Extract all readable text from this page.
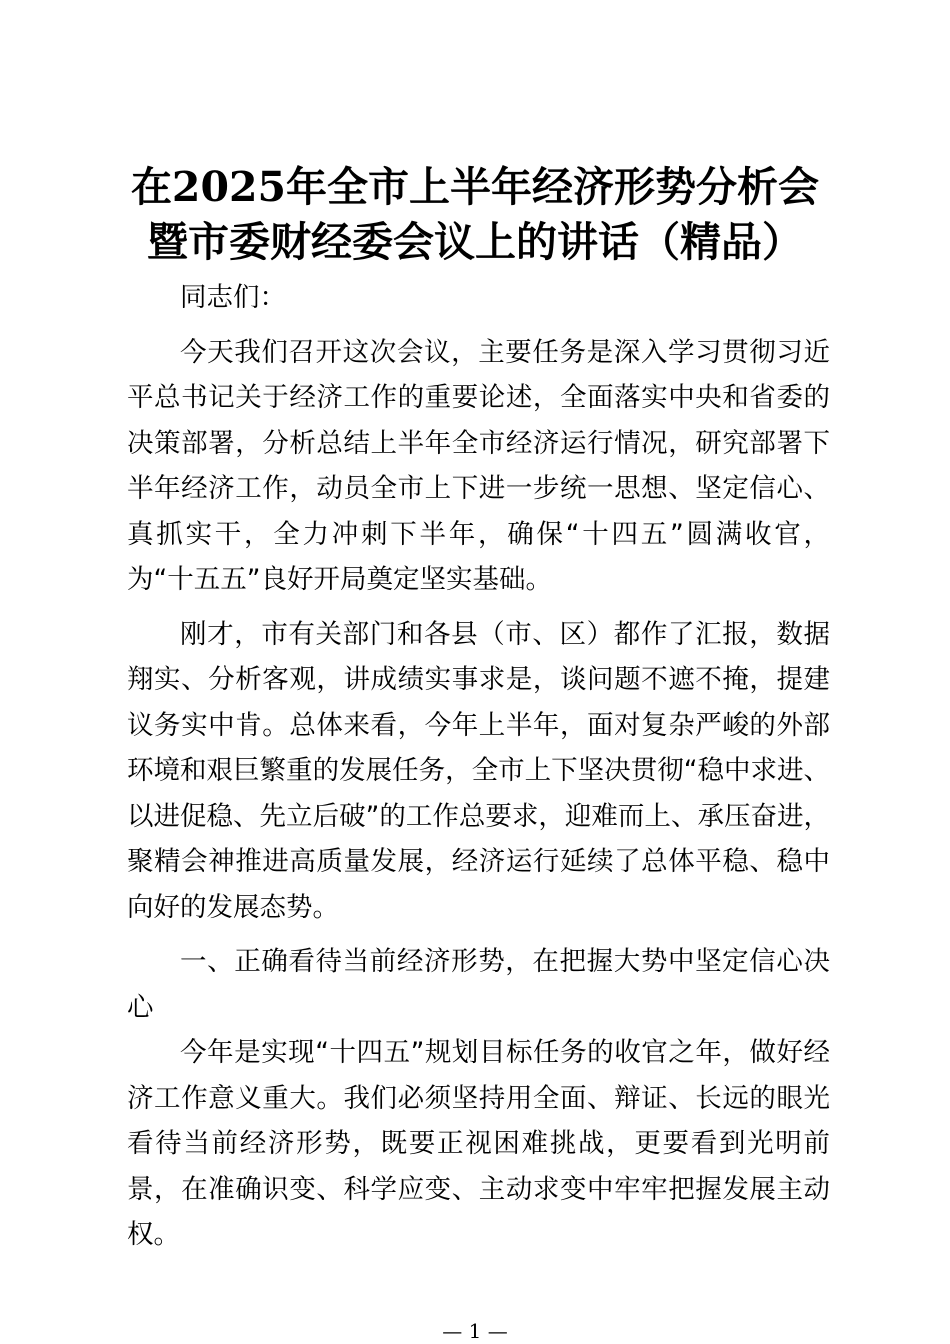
在2025年全市上半年经济形势分析会
暨市委财经委会议上的讲话（精品）

同志们：

今天我们召开这次会议，主要任务是深入学习贯彻习近平总书记关于经济工作的重要论述，全面落实中央和省委的决策部署，分析总结上半年全市经济运行情况，研究部署下半年经济工作，动员全市上下进一步统一思想、坚定信心、真抓实干，全力冲刺下半年，确保“十四五”圆满收官，为“十五五”良好开局奠定坚实基础。

刚才，市有关部门和各县（市、区）都作了汇报，数据翔实、分析客观，讲成绩实事求是，谈问题不遮不掩，提建议务实中肯。总体来看，今年上半年，面对复杂严峻的外部环境和艰巨繁重的发展任务，全市上下坚决贯彻“稳中求进、以进促稳、先立后破”的工作总要求，迎难而上、承压奋进，聚精会神推进高质量发展，经济运行延续了总体平稳、稳中向好的发展态势。

一、正确看待当前经济形势，在把握大势中坚定信心决心

今年是实现“十四五”规划目标任务的收官之年，做好经济工作意义重大。我们必须坚持用全面、辩证、长远的眼光看待当前经济形势，既要正视困难挑战，更要看到光明前景，在准确识变、科学应变、主动求变中牢牢把握发展主动权。

— 1 —
